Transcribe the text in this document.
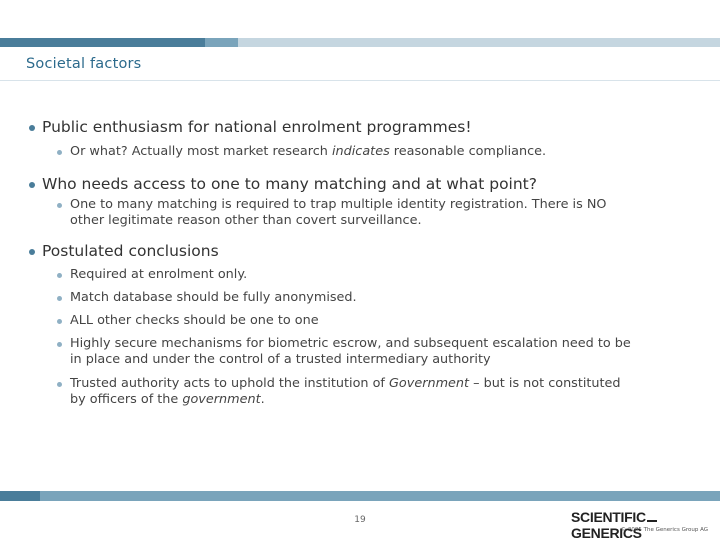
Societal factors
Public enthusiasm for national enrolment programmes!
Or what? Actually most market research indicates reasonable compliance.
Who needs access to one to many matching and at what point?
One to many matching is required to trap multiple identity registration. There is NO
other legitimate reason other than covert surveillance.
Postulated conclusions
Required at enrolment only.
Match database should be fully anonymised.
ALL other checks should be one to one
Highly secure mechanisms for biometric escrow, and subsequent escalation need to be
in place and under the control of a trusted intermediary authority
Trusted authority acts to uphold the institution of Government – but is not constituted
by officers of the government.
19	SCIENTIFICGENERICS
© 2005 The Generics Group AG
